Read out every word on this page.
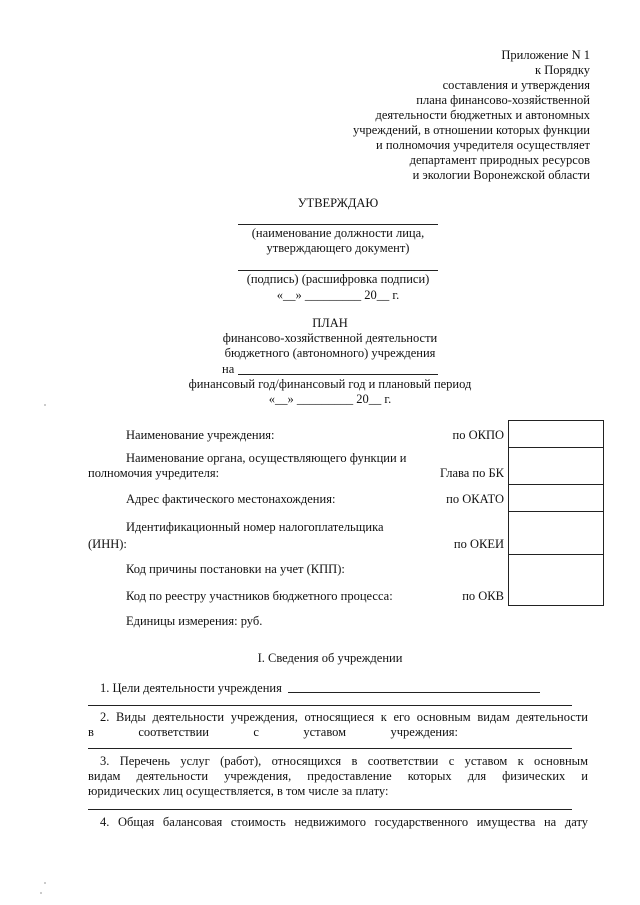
Приложение N 1
к Порядку
составления и утверждения
плана финансово-хозяйственной
деятельности бюджетных и автономных
учреждений, в отношении которых функции
и полномочия учредителя осуществляет
департамент природных ресурсов
и экологии Воронежской области
УТВЕРЖДАЮ
(наименование должности лица,
утверждающего документ)
(подпись) (расшифровка подписи)
«__» _________ 20__ г.
ПЛАН
финансово-хозяйственной деятельности
бюджетного (автономного) учреждения
на
финансовый год/финансовый год и плановый период
«__» _________ 20__ г.
Наименование учреждения:
Наименование органа, осуществляющего функции и
полномочия учредителя:
Адрес фактического местонахождения:
Идентификационный номер налогоплательщика
(ИНН):
Код причины постановки на учет (КПП):
Код по реестру участников бюджетного процесса:
Единицы измерения: руб.
по ОКПО
Глава по БК
по ОКАТО
по ОКЕИ
по ОКВ
I. Сведения об учреждении
1. Цели деятельности учреждения
2. Виды деятельности учреждения, относящиеся к его основным видам деятельности
в соответствии с уставом учреждения:
3. Перечень услуг (работ), относящихся в соответствии с уставом к основным
видам деятельности учреждения, предоставление которых для физических и
юридических лиц осуществляется, в том числе за плату:
4. Общая балансовая стоимость недвижимого государственного имущества на дату
